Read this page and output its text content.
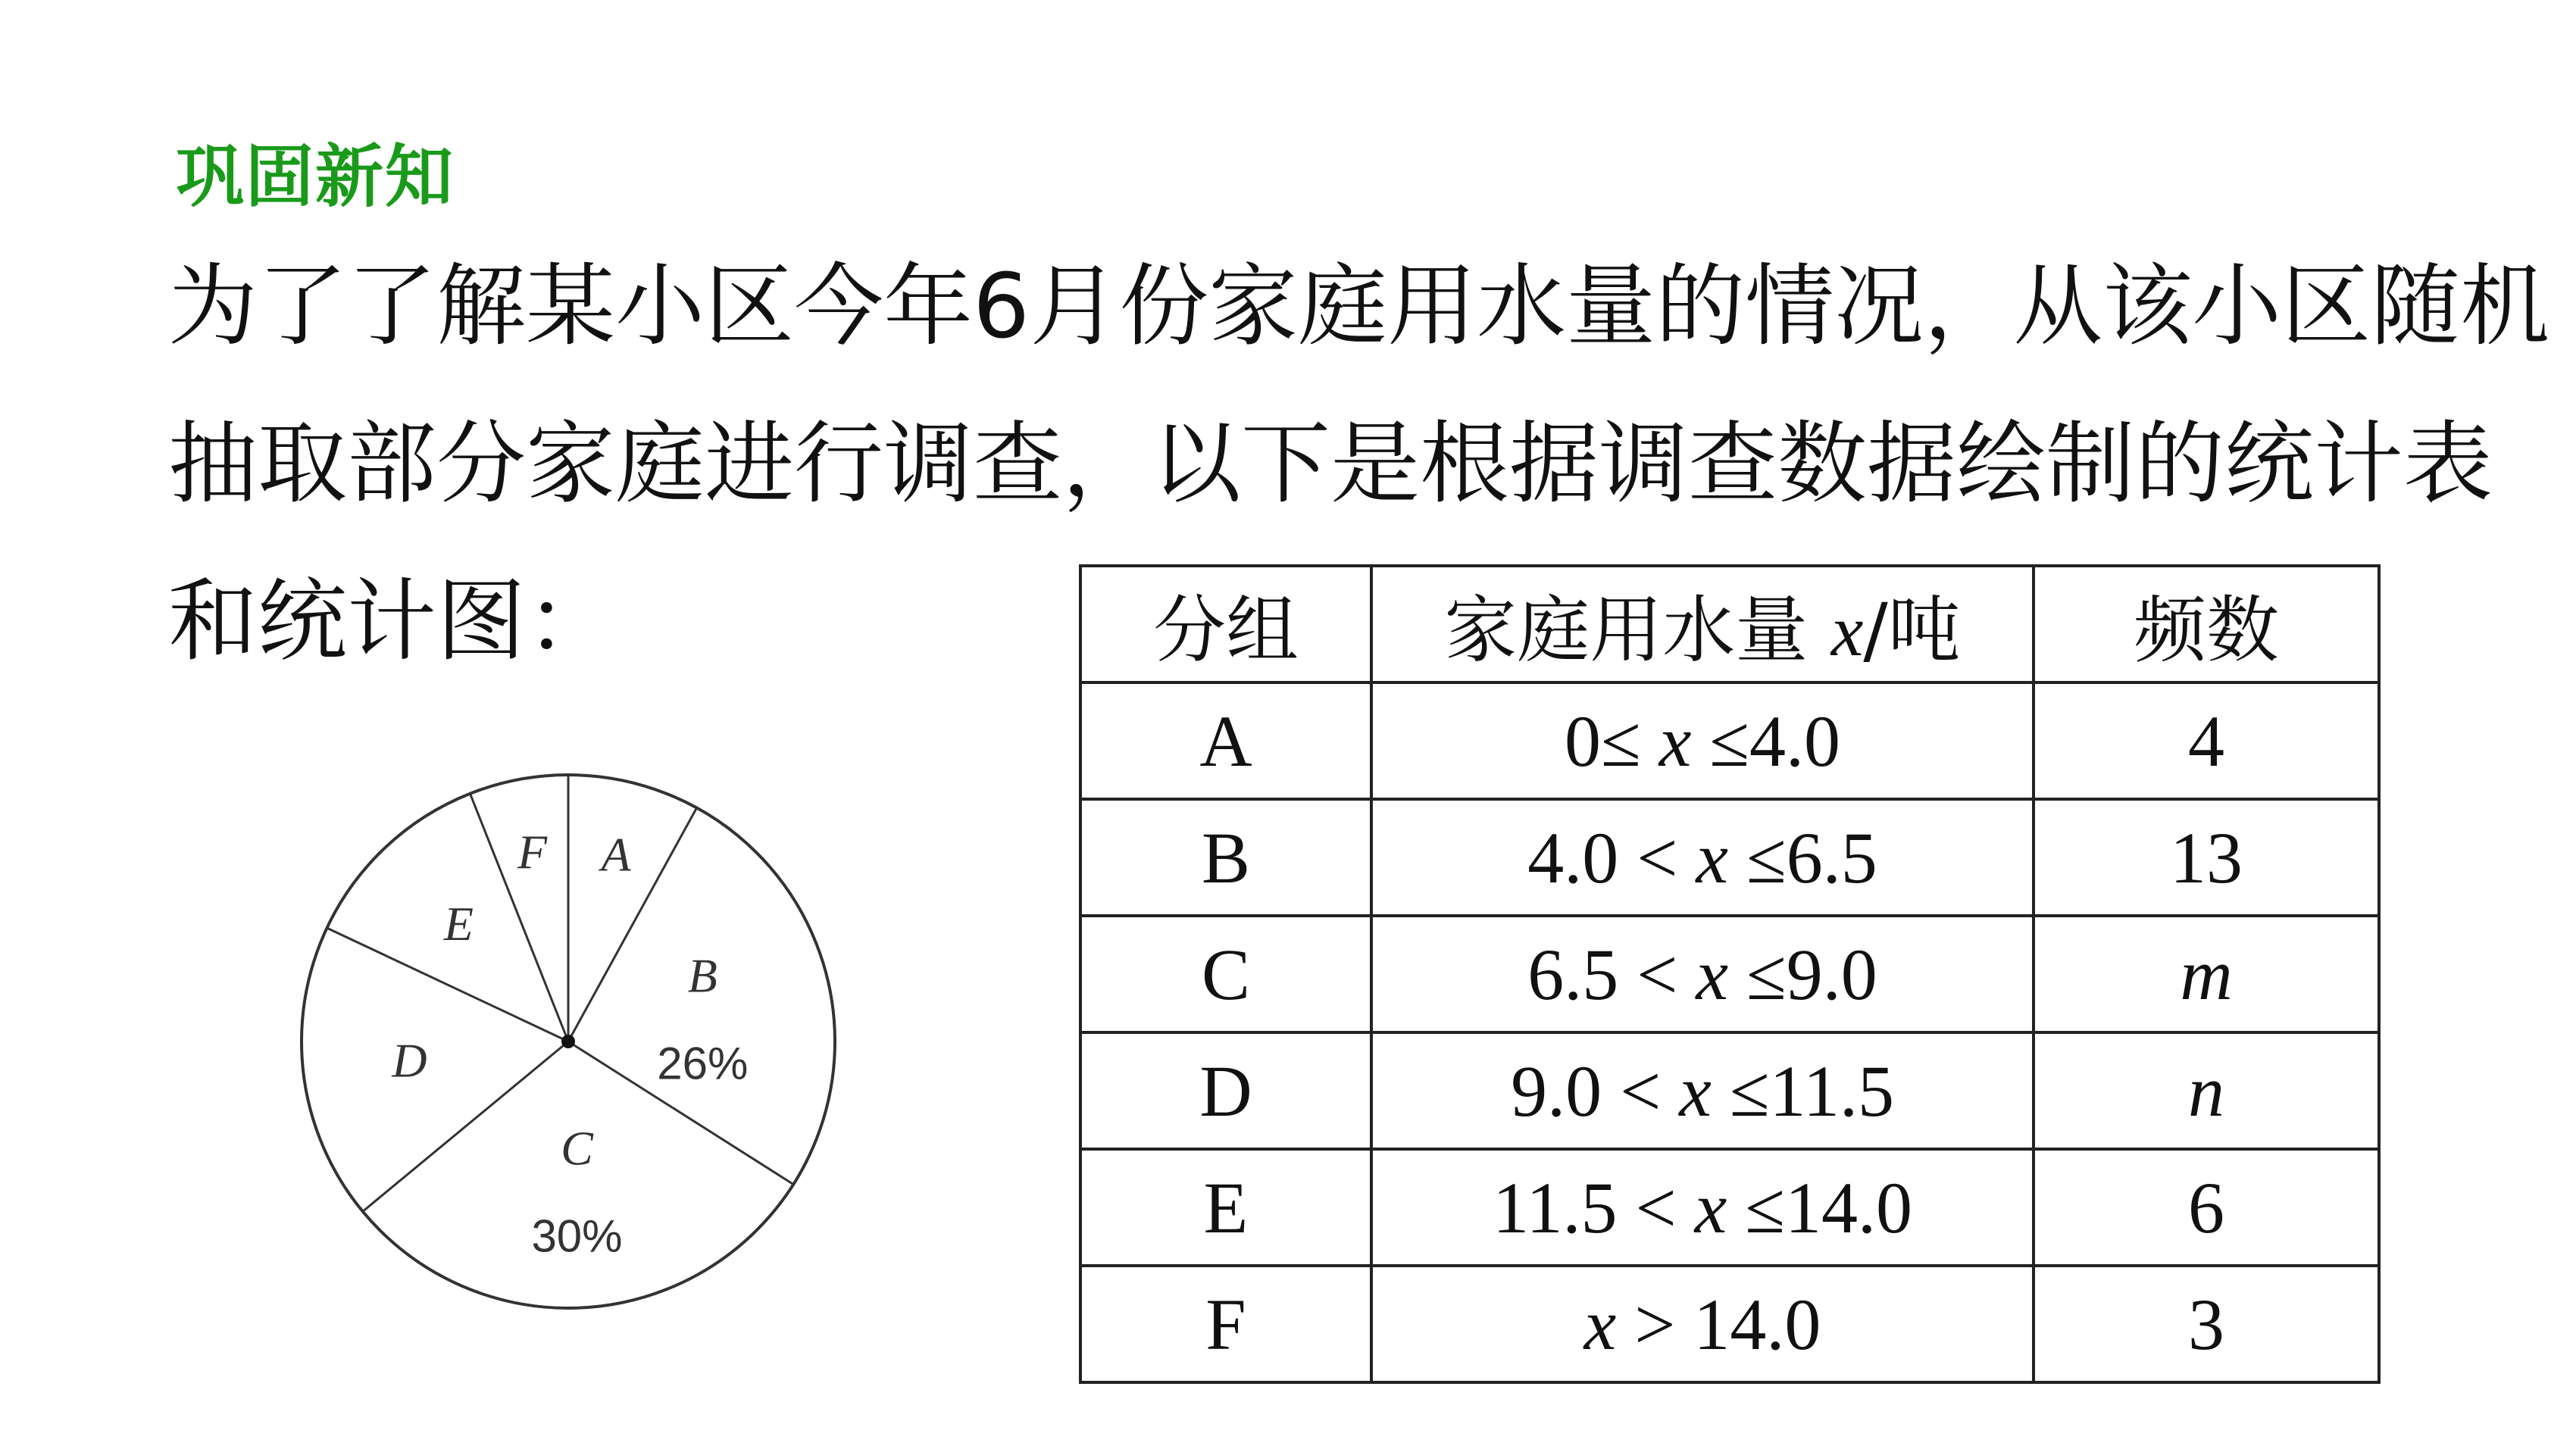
巩固新知
为了了解某小区今年6月份家庭用水量的情况，从该小区随机
抽取部分家庭进行调查，以下是根据调查数据绘制的统计表
和统计图：
A
B
26%
C
30%
D
E
F
分组	家庭用水量 x/吨	频数
A	0≤ x ≤4.0	4
B	4.0 < x ≤6.5	13
C	6.5 < x ≤9.0	m
D	9.0 < x ≤11.5	n
E	11.5 < x ≤14.0	6
F	x > 14.0	3
